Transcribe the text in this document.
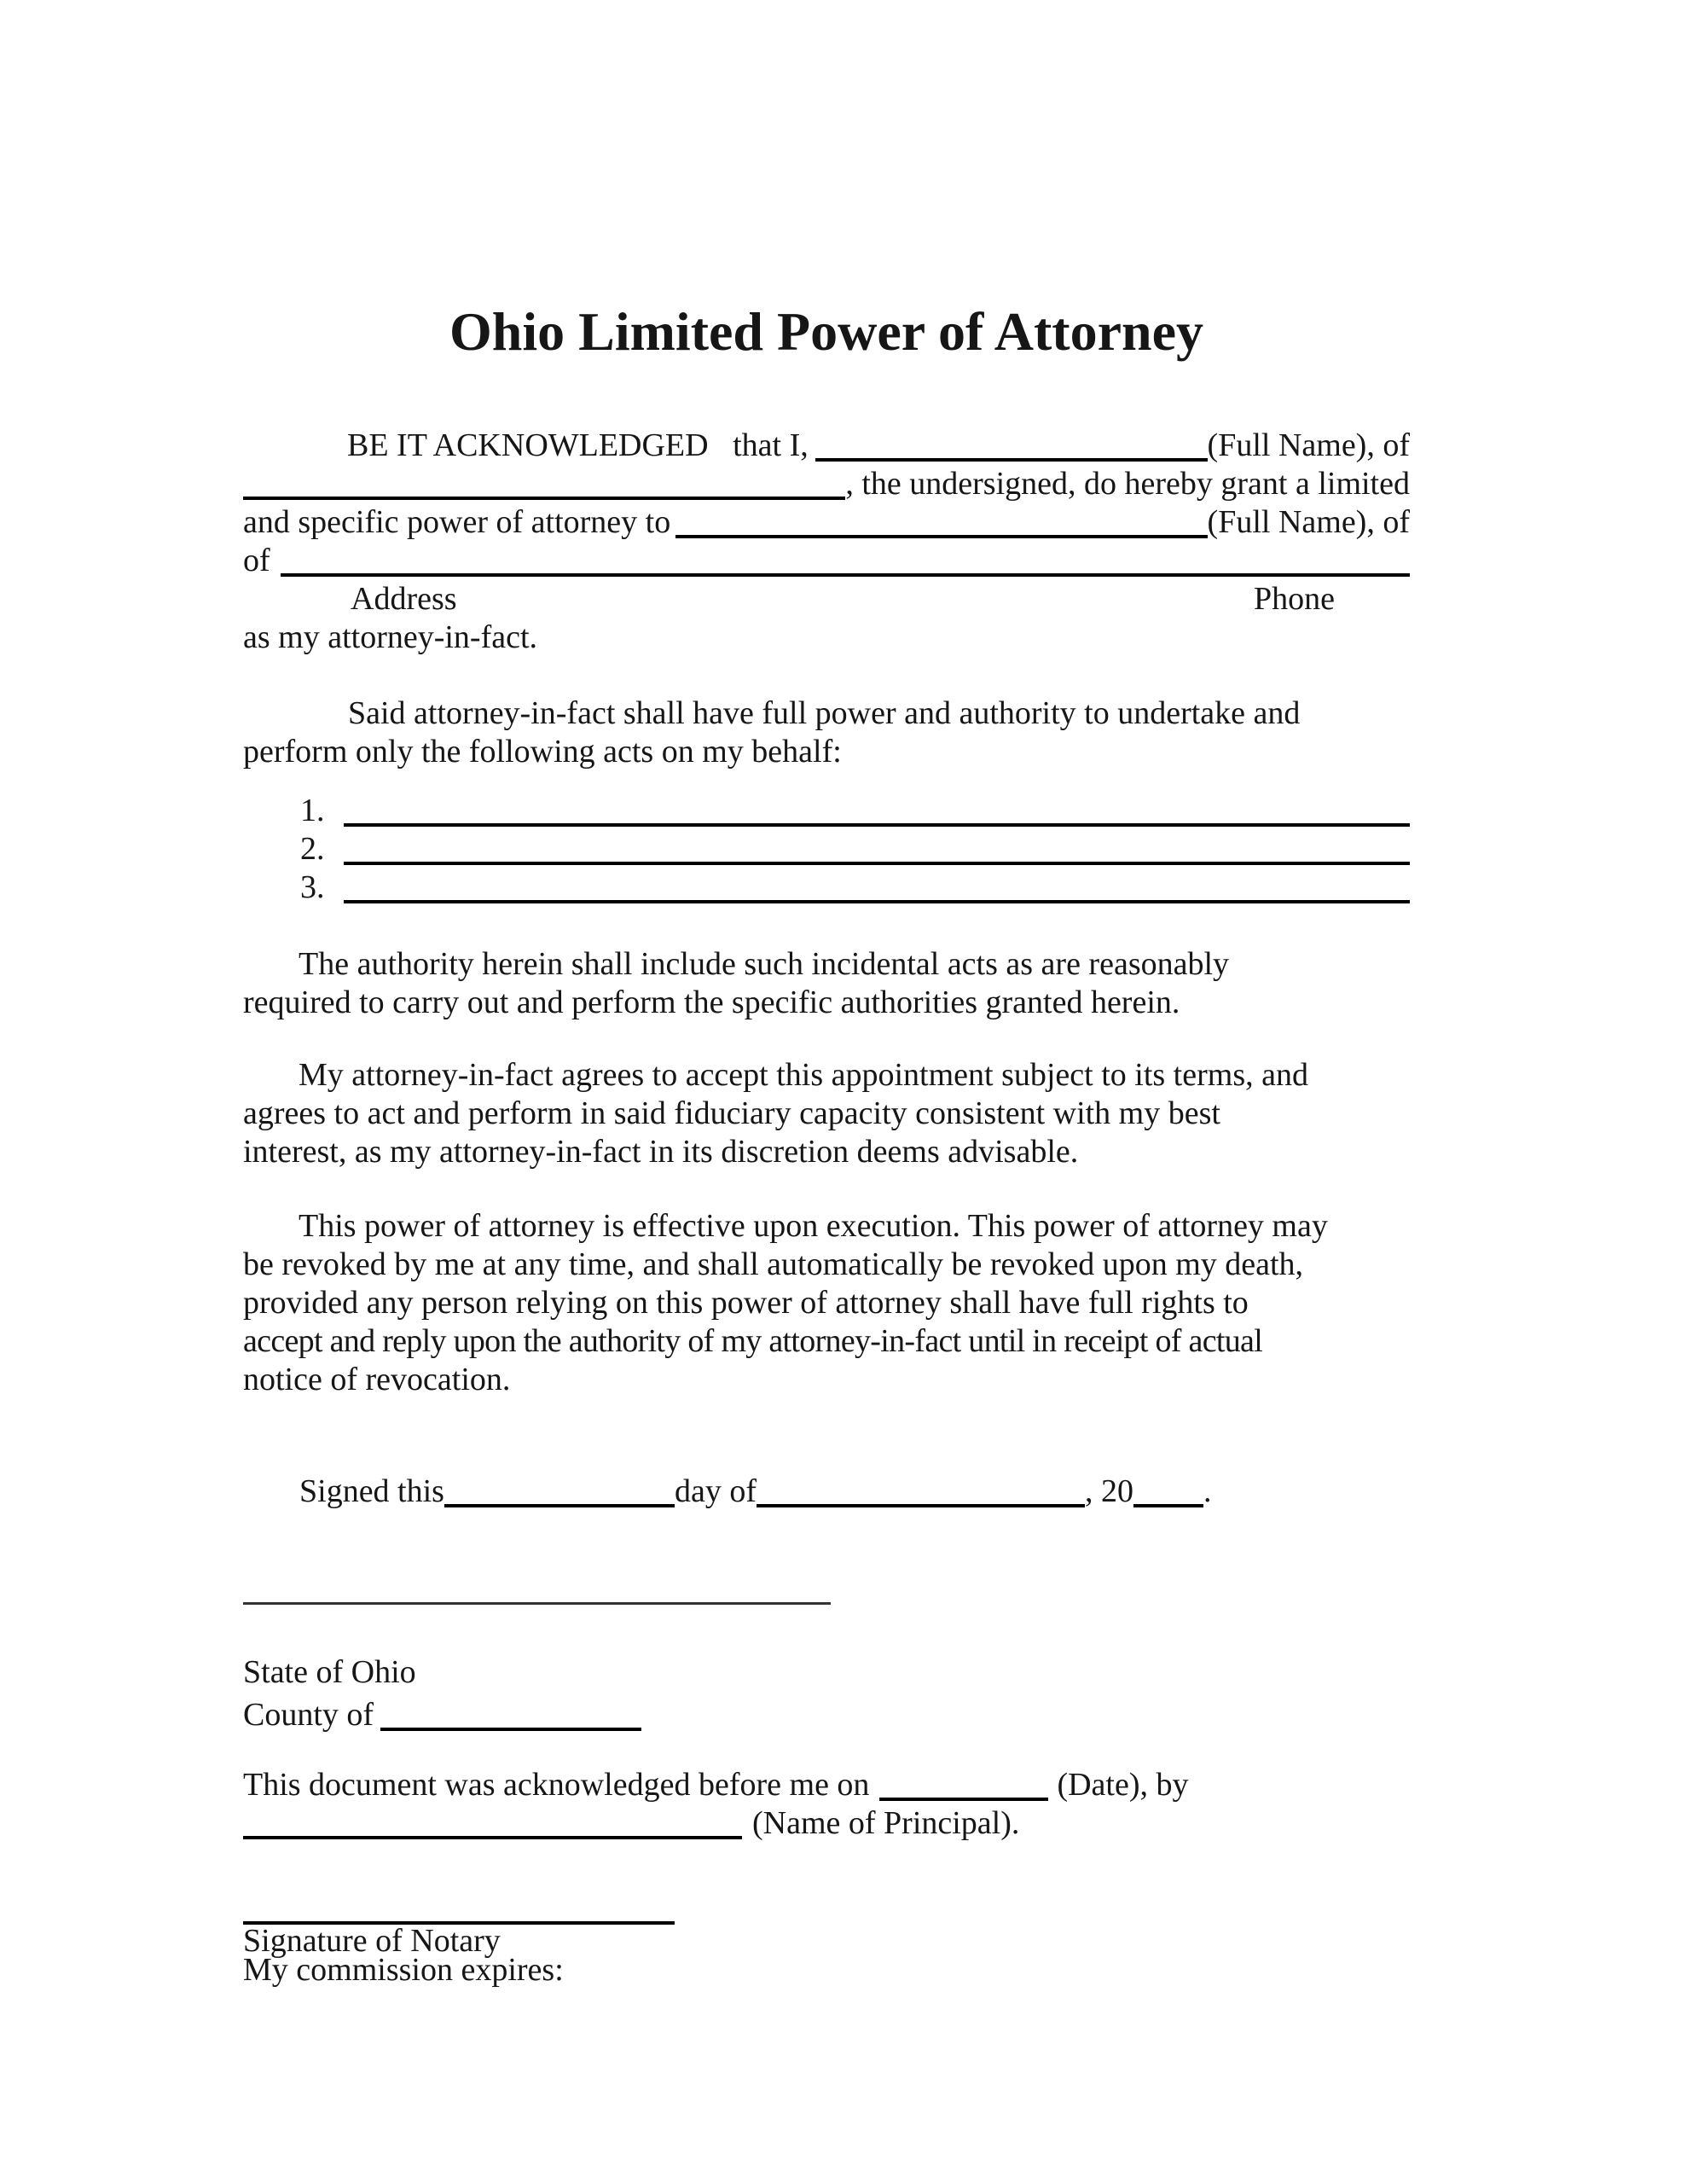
Ohio Limited Power of Attorney
BE IT ACKNOWLEDGED   that I,	(Full Name), of
, the undersigned, do hereby grant a limited
and specific power of attorney to	(Full Name), of
of
Address	Phone
as my attorney-in-fact.
Said attorney-in-fact shall have full power and authority to undertake and
perform only the following acts on my behalf:
1.
2.
3.
The authority herein shall include such incidental acts as are reasonably
required to carry out and perform the specific authorities granted herein.
My attorney-in-fact agrees to accept this appointment subject to its terms, and
agrees to act and perform in said fiduciary capacity consistent with my best
interest, as my attorney-in-fact in its discretion deems advisable.
This power of attorney is effective upon execution. This power of attorney may
be revoked by me at any time, and shall automatically be revoked upon my death,
provided any person relying on this power of attorney shall have full rights to
accept and reply upon the authority of my attorney-in-fact until in receipt of actual
notice of revocation.
Signed this	day of	, 20 .
State of Ohio
County of
This document was acknowledged before me on	(Date), by
(Name of Principal).
Signature of Notary
My commission expires:
